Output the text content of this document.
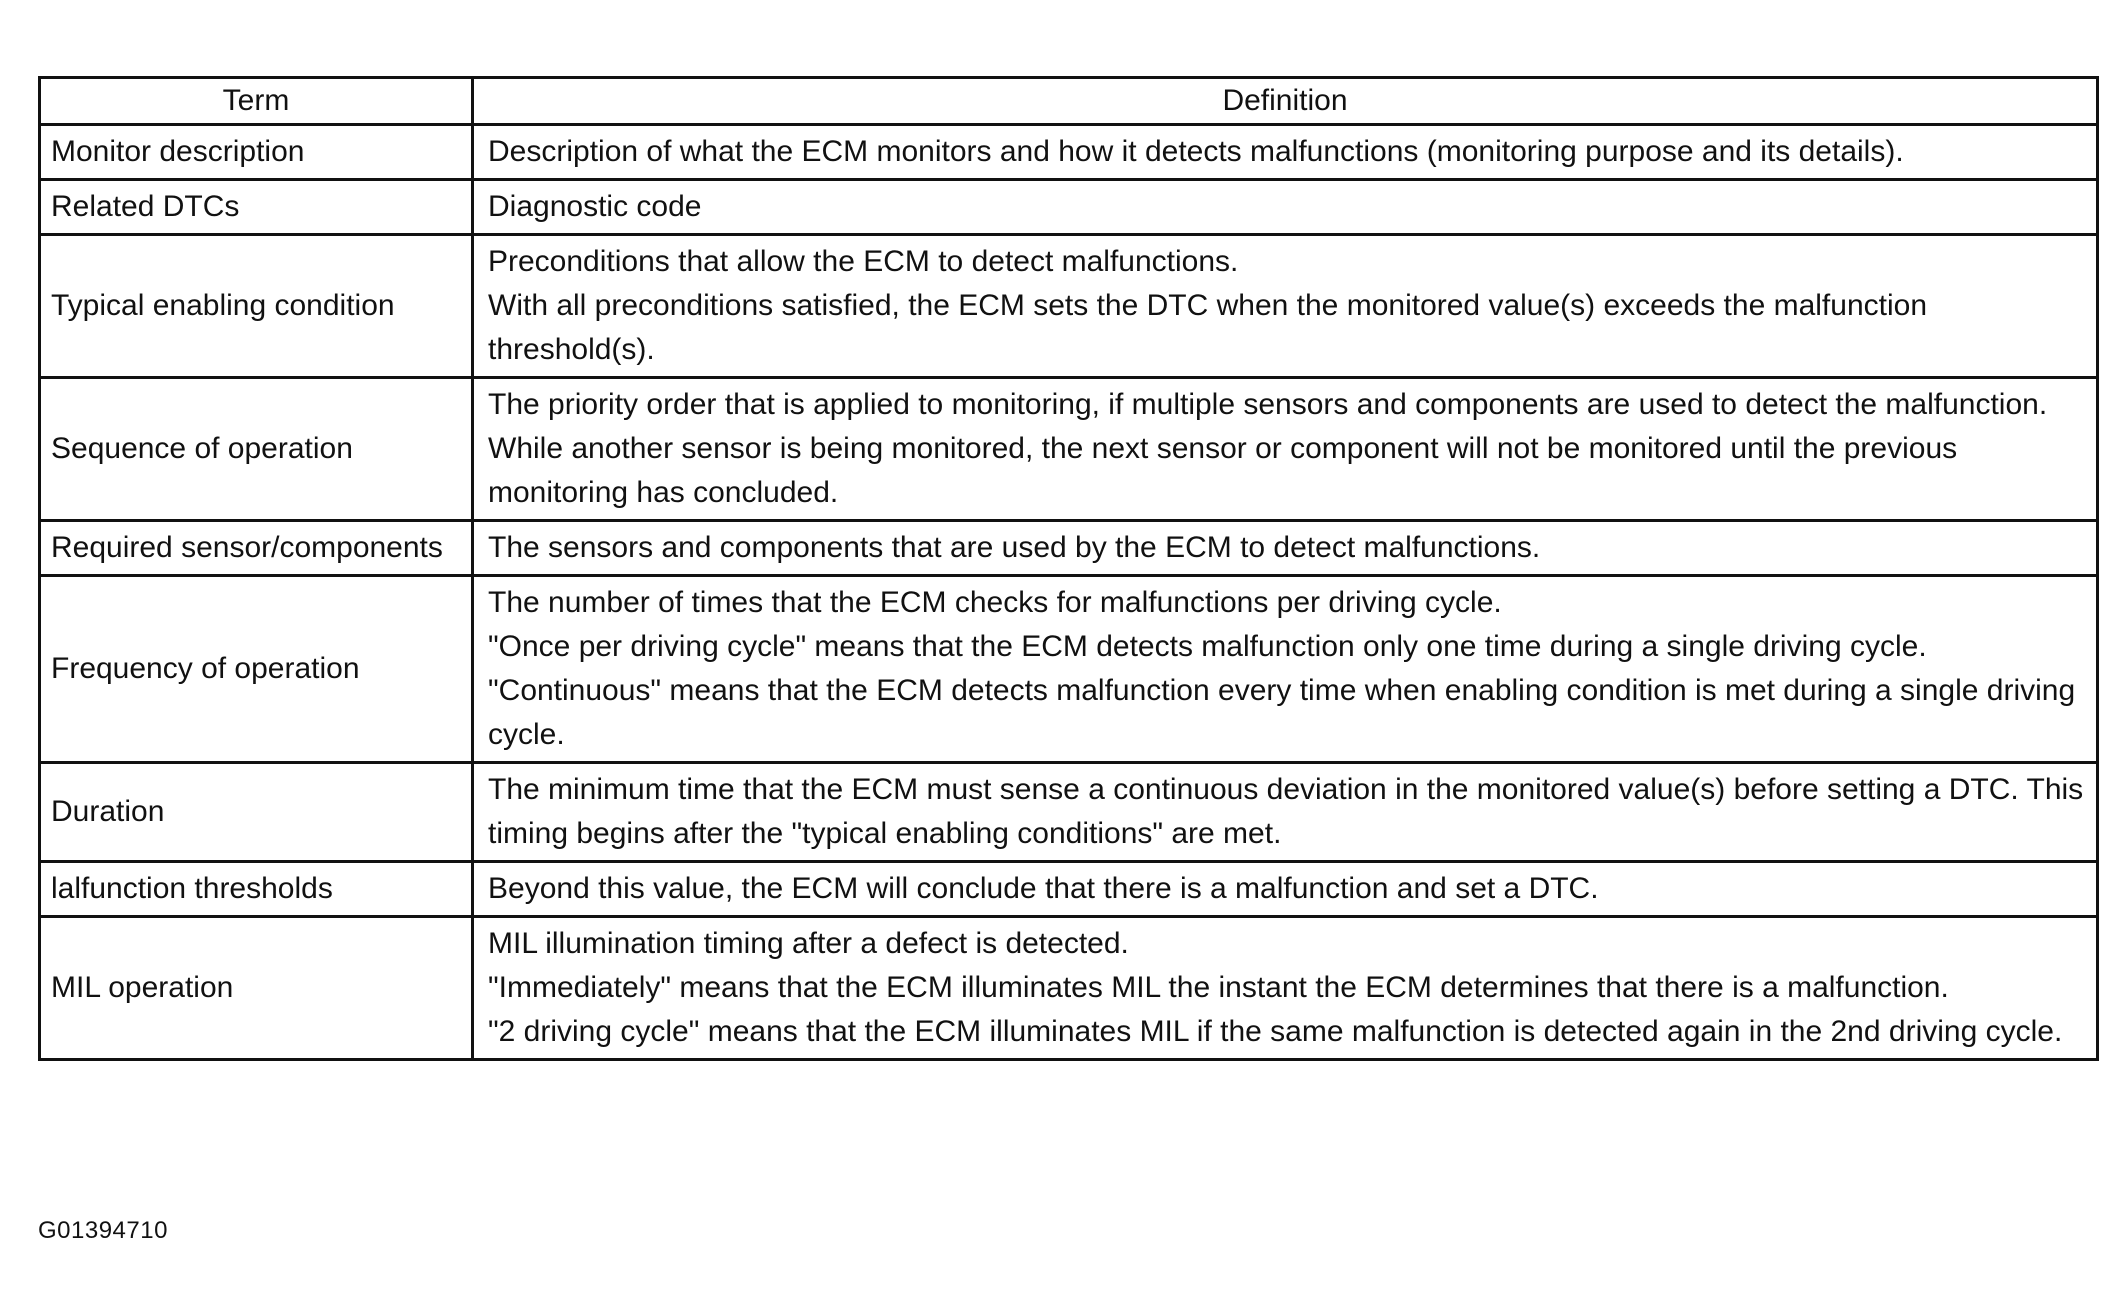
Term	Definition
Monitor description	Description of what the ECM monitors and how it detects malfunctions (monitoring purpose and its details).

Related DTCs	Diagnostic code

Typical enabling condition	Preconditions that allow the ECM to detect malfunctions.
With all preconditions satisfied, the ECM sets the DTC when the monitored value(s) exceeds the malfunction threshold(s).

Sequence of operation	The priority order that is applied to monitoring, if multiple sensors and components are used to detect the malfunction.
While another sensor is being monitored, the next sensor or component will not be monitored until the previous monitoring has concluded.

Required sensor/components	The sensors and components that are used by the ECM to detect malfunctions.

Frequency of operation	The number of times that the ECM checks for malfunctions per driving cycle.
"Once per driving cycle" means that the ECM detects malfunction only one time during a single driving cycle.
"Continuous" means that the ECM detects malfunction every time when enabling condition is met during a single driving cycle.

Duration	The minimum time that the ECM must sense a continuous deviation in the monitored value(s) before setting a DTC. This timing begins after the "typical enabling conditions" are met.

lalfunction thresholds	Beyond this value, the ECM will conclude that there is a malfunction and set a DTC.

MIL operation	MIL illumination timing after a defect is detected.
"Immediately" means that the ECM illuminates MIL the instant the ECM determines that there is a malfunction.
"2 driving cycle" means that the ECM illuminates MIL if the same malfunction is detected again in the 2nd driving cycle.
G01394710
